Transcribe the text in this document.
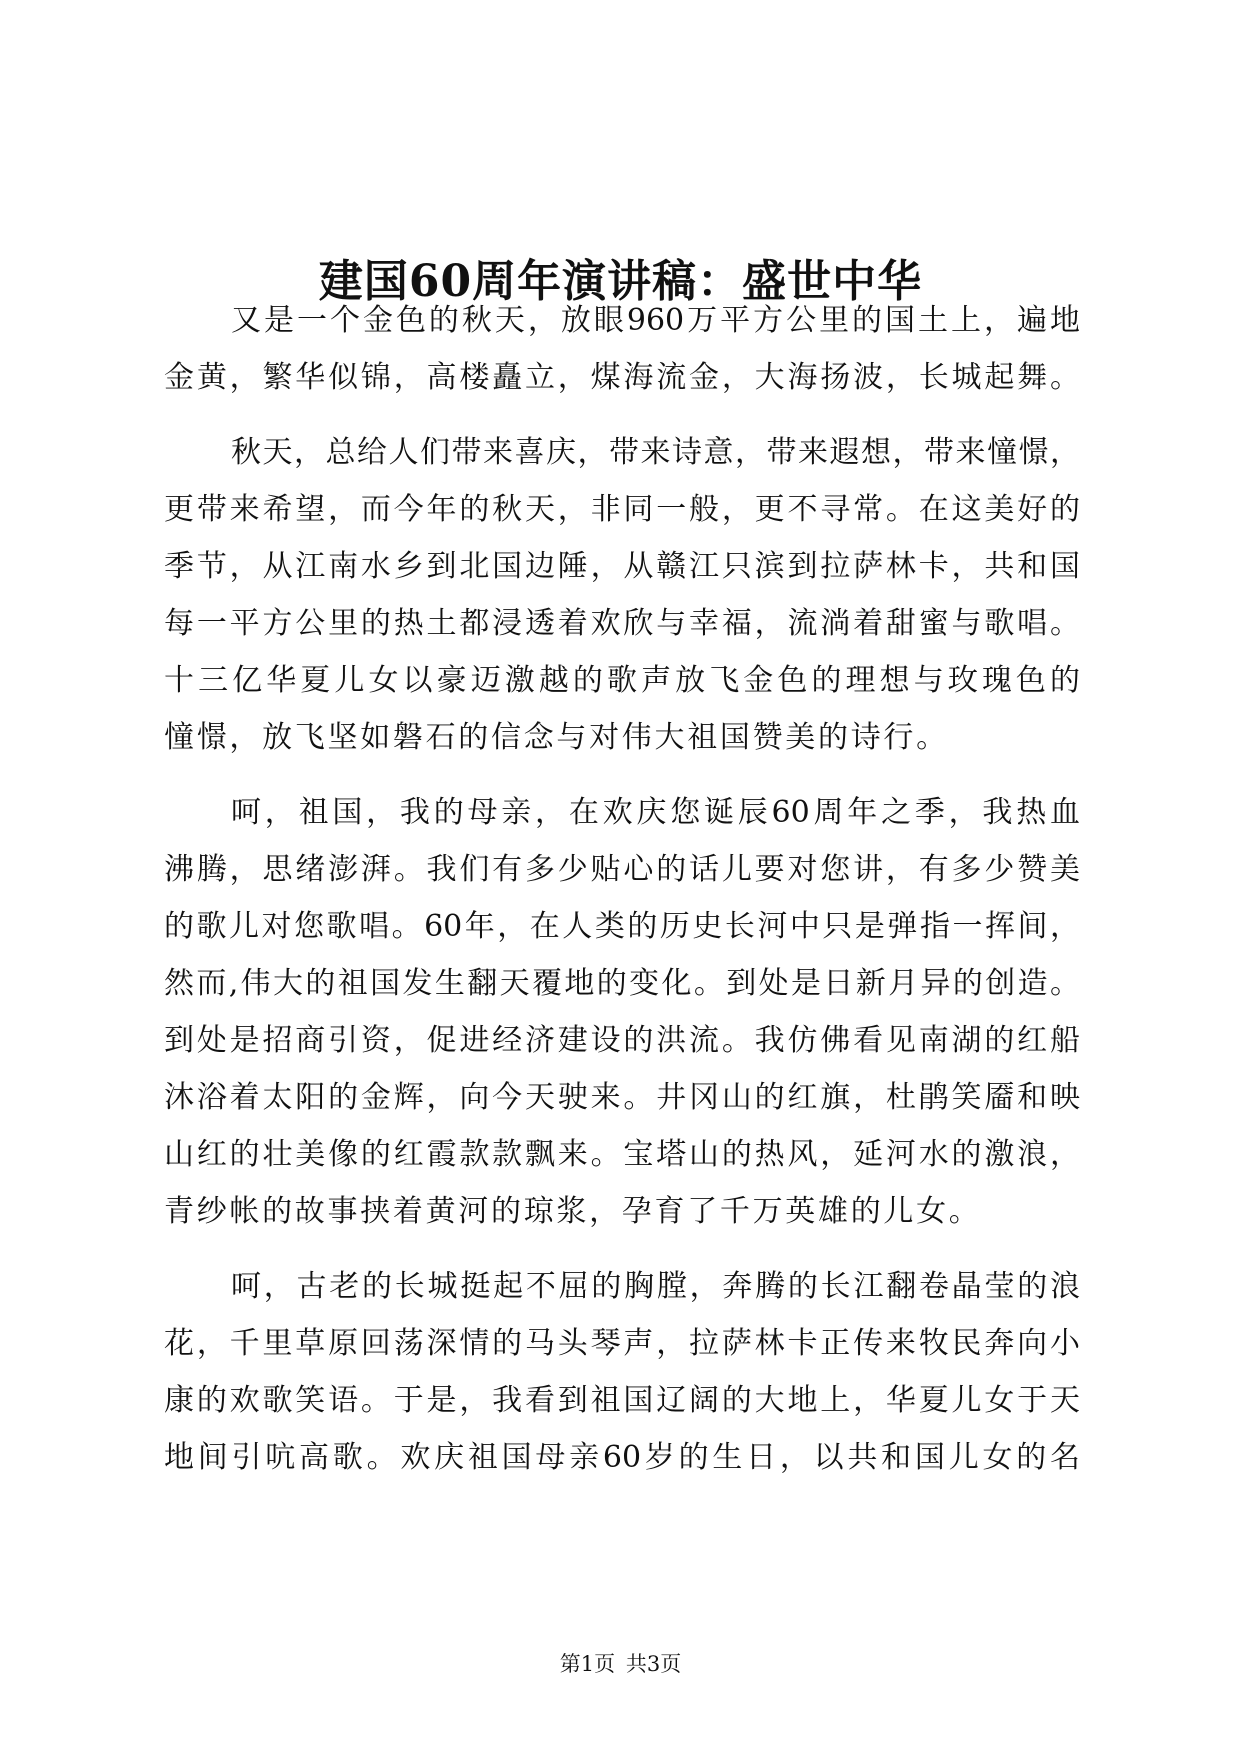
建国60周年演讲稿：盛世中华
又是一个金色的秋天，放眼960万平方公里的国土上，遍地
金黄，繁华似锦，高楼矗立，煤海流金，大海扬波，长城起舞。
秋天，总给人们带来喜庆，带来诗意，带来遐想，带来憧憬，
更带来希望，而今年的秋天，非同一般，更不寻常。在这美好的
季节，从江南水乡到北国边陲，从赣江只滨到拉萨林卡，共和国
每一平方公里的热土都浸透着欢欣与幸福，流淌着甜蜜与歌唱。
十三亿华夏儿女以豪迈激越的歌声放飞金色的理想与玫瑰色的
憧憬，放飞坚如磐石的信念与对伟大祖国赞美的诗行。
呵，祖国，我的母亲，在欢庆您诞辰60周年之季，我热血
沸腾，思绪澎湃。我们有多少贴心的话儿要对您讲，有多少赞美
的歌儿对您歌唱。60年，在人类的历史长河中只是弹指一挥间，
然而,伟大的祖国发生翻天覆地的变化。到处是日新月异的创造。
到处是招商引资，促进经济建设的洪流。我仿佛看见南湖的红船
沐浴着太阳的金辉，向今天驶来。井冈山的红旗，杜鹃笑靥和映
山红的壮美像的红霞款款飘来。宝塔山的热风，延河水的激浪，
青纱帐的故事挟着黄河的琼浆，孕育了千万英雄的儿女。
呵，古老的长城挺起不屈的胸膛，奔腾的长江翻卷晶莹的浪
花，千里草原回荡深情的马头琴声，拉萨林卡正传来牧民奔向小
康的欢歌笑语。于是，我看到祖国辽阔的大地上，华夏儿女于天
地间引吭高歌。欢庆祖国母亲60岁的生日，以共和国儿女的名
第1页 共3页
